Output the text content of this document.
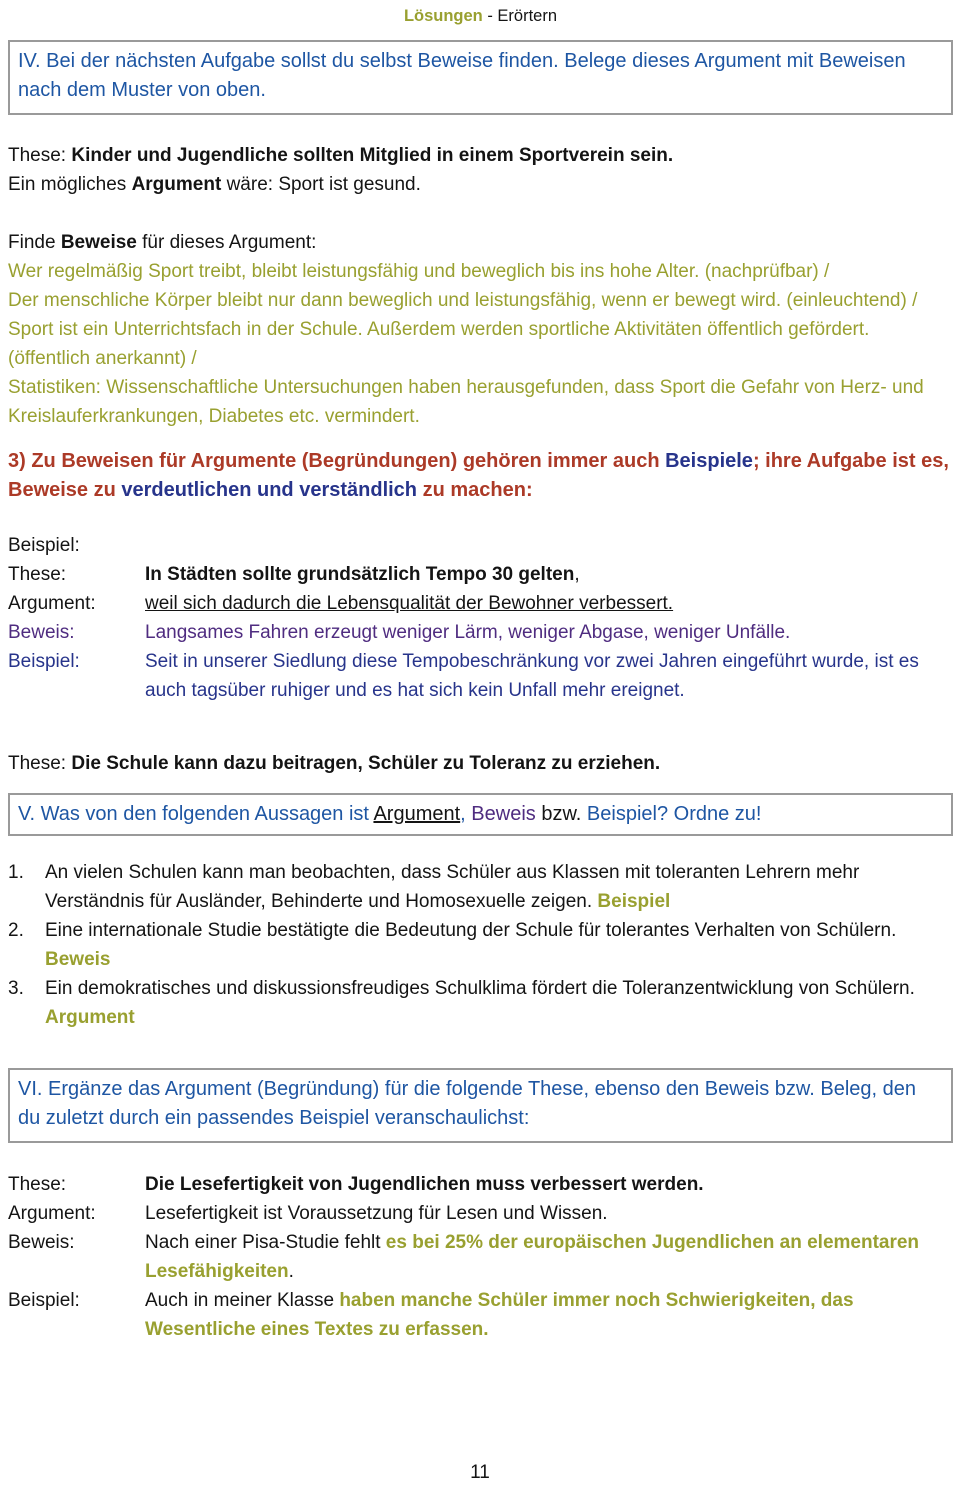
Lösungen - Erörtern
IV. Bei der nächsten Aufgabe sollst du selbst Beweise finden. Belege dieses Argument mit Beweisen nach dem Muster von oben.
These: Kinder und Jugendliche sollten Mitglied in einem Sportverein sein.
Ein mögliches Argument wäre: Sport ist gesund.
Finde Beweise für dieses Argument:
Wer regelmäßig Sport treibt, bleibt leistungsfähig und beweglich bis ins hohe Alter. (nachprüfbar) /
Der menschliche Körper bleibt nur dann beweglich und leistungsfähig, wenn er bewegt wird. (einleuchtend) /
Sport ist ein Unterrichtsfach in der Schule. Außerdem werden sportliche Aktivitäten öffentlich gefördert. (öffentlich anerkannt) /
Statistiken: Wissenschaftliche Untersuchungen haben herausgefunden, dass Sport die Gefahr von Herz- und Kreislauferkrankungen, Diabetes etc. vermindert.
3) Zu Beweisen für Argumente (Begründungen) gehören immer auch Beispiele; ihre Aufgabe ist es, Beweise zu verdeutlichen und verständlich zu machen:
Beispiel:
These:	In Städten sollte grundsätzlich Tempo 30 gelten,
Argument:	weil sich dadurch die Lebensqualität der Bewohner verbessert.
Beweis:	Langsames Fahren erzeugt weniger Lärm, weniger Abgase, weniger Unfälle.
Beispiel:	Seit in unserer Siedlung diese Tempobeschränkung vor zwei Jahren eingeführt wurde, ist es auch tagsüber ruhiger und es hat sich kein Unfall mehr ereignet.
These: Die Schule kann dazu beitragen, Schüler zu Toleranz zu erziehen.
V. Was von den folgenden Aussagen ist Argument, Beweis bzw. Beispiel? Ordne zu!
1.	An vielen Schulen kann man beobachten, dass Schüler aus Klassen mit toleranten Lehrern mehr Verständnis für Ausländer, Behinderte und Homosexuelle zeigen. Beispiel
2.	Eine internationale Studie bestätigte die Bedeutung der Schule für tolerantes Verhalten von Schülern. Beweis
3.	Ein demokratisches und diskussionsfreudiges Schulklima fördert die Toleranzentwicklung von Schülern. Argument
VI. Ergänze das Argument (Begründung) für die folgende These, ebenso den Beweis bzw. Beleg, den du zuletzt durch ein passendes Beispiel veranschaulichst:
These:	Die Lesefertigkeit von Jugendlichen muss verbessert werden.
Argument:	Lesefertigkeit ist Voraussetzung für Lesen und Wissen.
Beweis:	Nach einer Pisa-Studie fehlt es bei 25% der europäischen Jugendlichen an elementaren Lesefähigkeiten.
Beispiel:	Auch in meiner Klasse haben manche Schüler immer noch Schwierigkeiten, das Wesentliche eines Textes zu erfassen.
11
